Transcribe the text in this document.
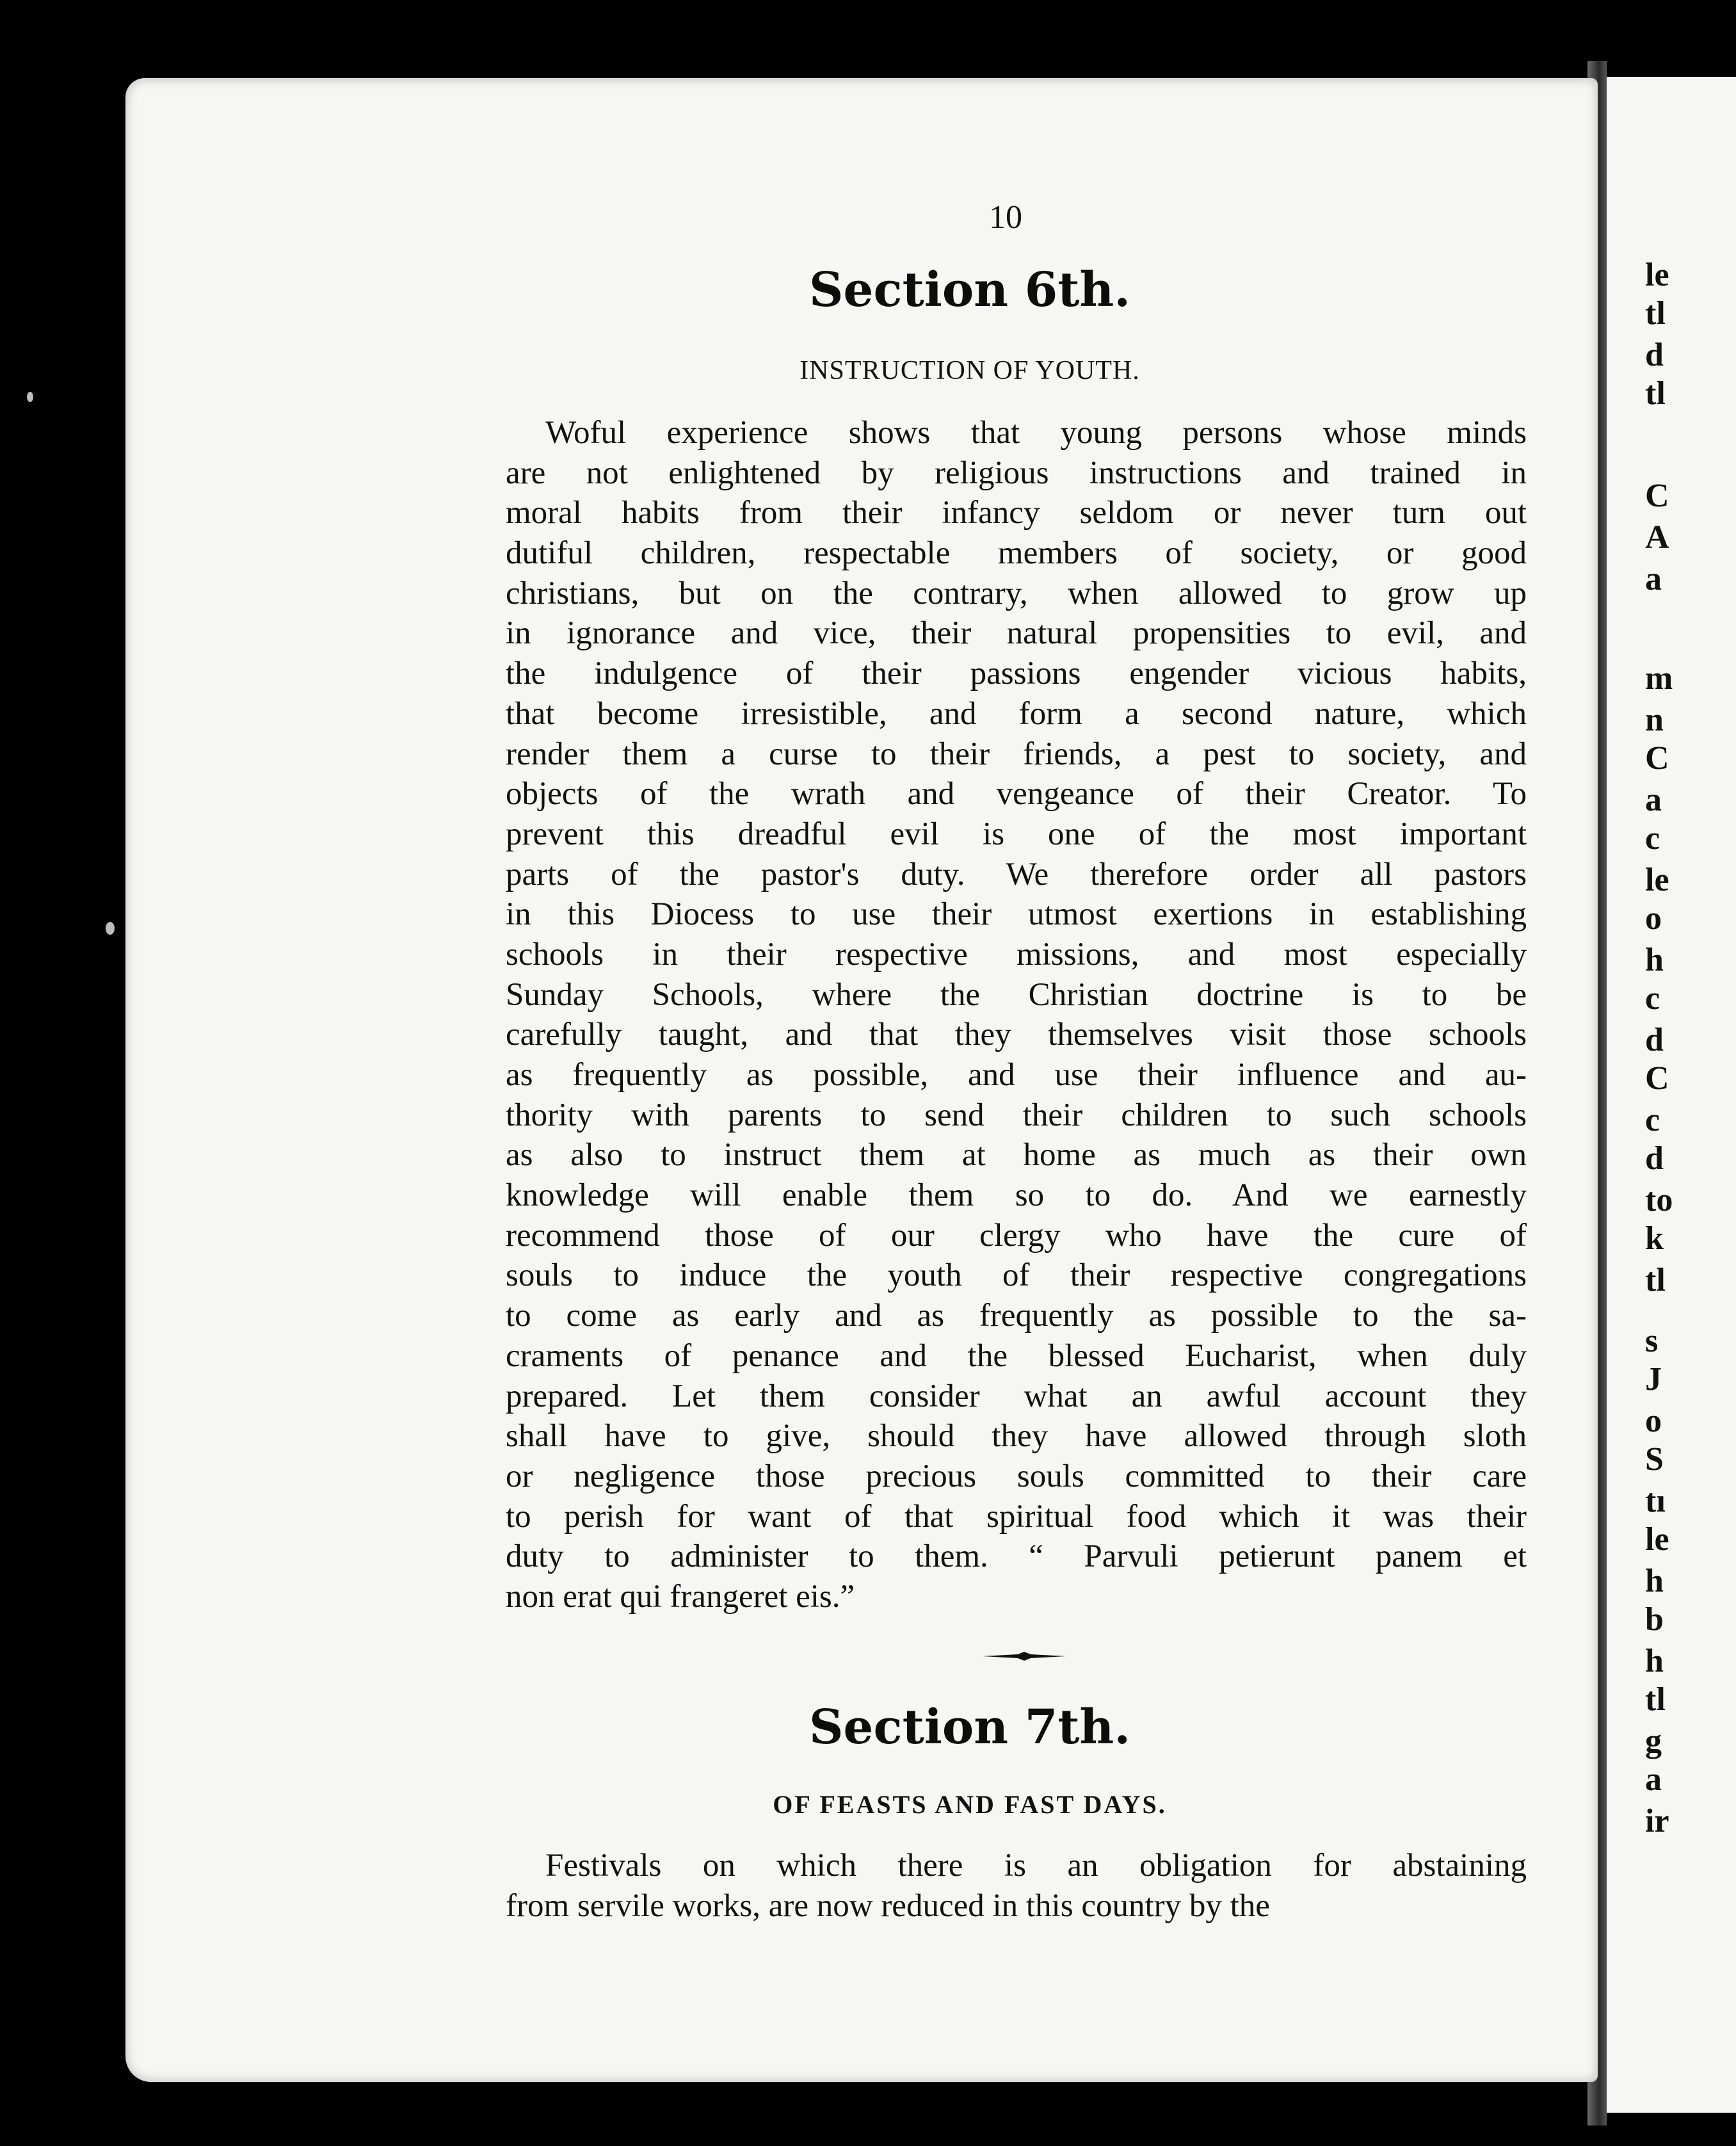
le
tl
d
tl
C
A
a
m
n
C
a
c
le
o
h
c
d
C
c
d
to
k
tl
s
J
o
S
tı
le
h
b
h
tl
g
a
ir
10
Section 6th.
INSTRUCTION OF YOUTH.
Woful experience shows that young persons whose minds
are not enlightened by religious instructions and trained in
moral habits from their infancy seldom or never turn out
dutiful children, respectable members of society, or good
christians, but on the contrary, when allowed to grow up
in ignorance and vice, their natural propensities to evil, and
the indulgence of their passions engender vicious habits,
that become irresistible, and form a second nature, which
render them a curse to their friends, a pest to society, and
objects of the wrath and vengeance of their Creator. To
prevent this dreadful evil is one of the most important
parts of the pastor's duty. We therefore order all pastors
in this Diocess to use their utmost exertions in establishing
schools in their respective missions, and most especially
Sunday Schools, where the Christian doctrine is to be
carefully taught, and that they themselves visit those schools
as frequently as possible, and use their influence and au-
thority with parents to send their children to such schools
as also to instruct them at home as much as their own
knowledge will enable them so to do. And we earnestly
recommend those of our clergy who have the cure of
souls to induce the youth of their respective congregations
to come as early and as frequently as possible to the sa-
craments of penance and the blessed Eucharist, when duly
prepared. Let them consider what an awful account they
shall have to give, should they have allowed through sloth
or negligence those precious souls committed to their care
to perish for want of that spiritual food which it was their
duty to administer to them. “ Parvuli petierunt panem et
non erat qui frangeret eis.”
Section 7th.
OF FEASTS AND FAST DAYS.
Festivals on which there is an obligation for abstaining
from servile works, are now reduced in this country by the
